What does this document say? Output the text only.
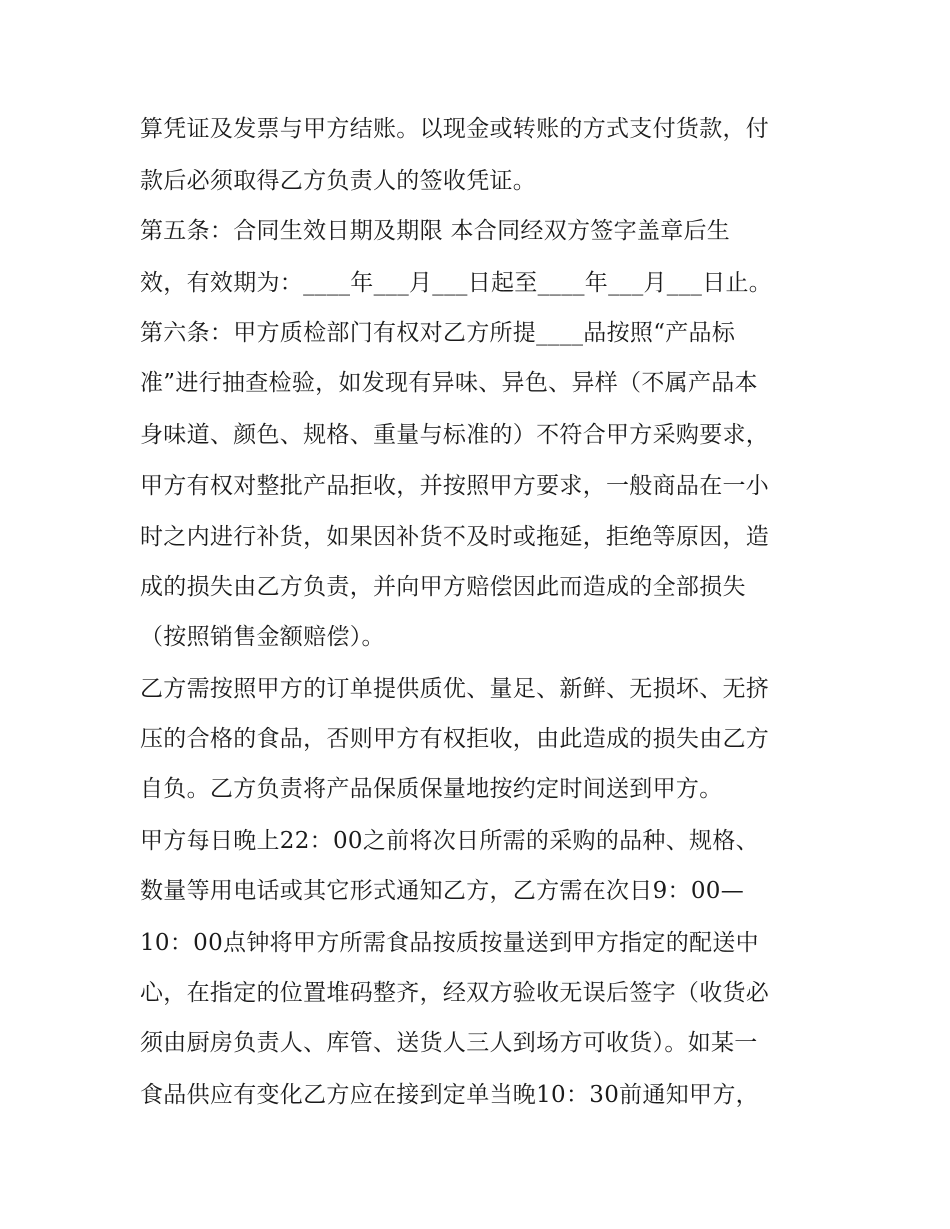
算凭证及发票与甲方结账。以现金或转账的方式支付货款，付
款后必须取得乙方负责人的签收凭证。
第五条：合同生效日期及期限 本合同经双方签字盖章后生
效，有效期为：____年___月___日起至____年___月___日止。
第六条：甲方质检部门有权对乙方所提____品按照“产品标
准”进行抽查检验，如发现有异味、异色、异样（不属产品本
身味道、颜色、规格、重量与标准的）不符合甲方采购要求，
甲方有权对整批产品拒收，并按照甲方要求，一般商品在一小
时之内进行补货，如果因补货不及时或拖延，拒绝等原因，造
成的损失由乙方负责，并向甲方赔偿因此而造成的全部损失
（按照销售金额赔偿）。
乙方需按照甲方的订单提供质优、量足、新鲜、无损坏、无挤
压的合格的食品，否则甲方有权拒收，由此造成的损失由乙方
自负。乙方负责将产品保质保量地按约定时间送到甲方。
甲方每日晚上22：00之前将次日所需的采购的品种、规格、
数量等用电话或其它形式通知乙方，乙方需在次日9：00—
10：00点钟将甲方所需食品按质按量送到甲方指定的配送中
心，在指定的位置堆码整齐，经双方验收无误后签字（收货必
须由厨房负责人、库管、送货人三人到场方可收货）。如某一
食品供应有变化乙方应在接到定单当晚10：30前通知甲方，
